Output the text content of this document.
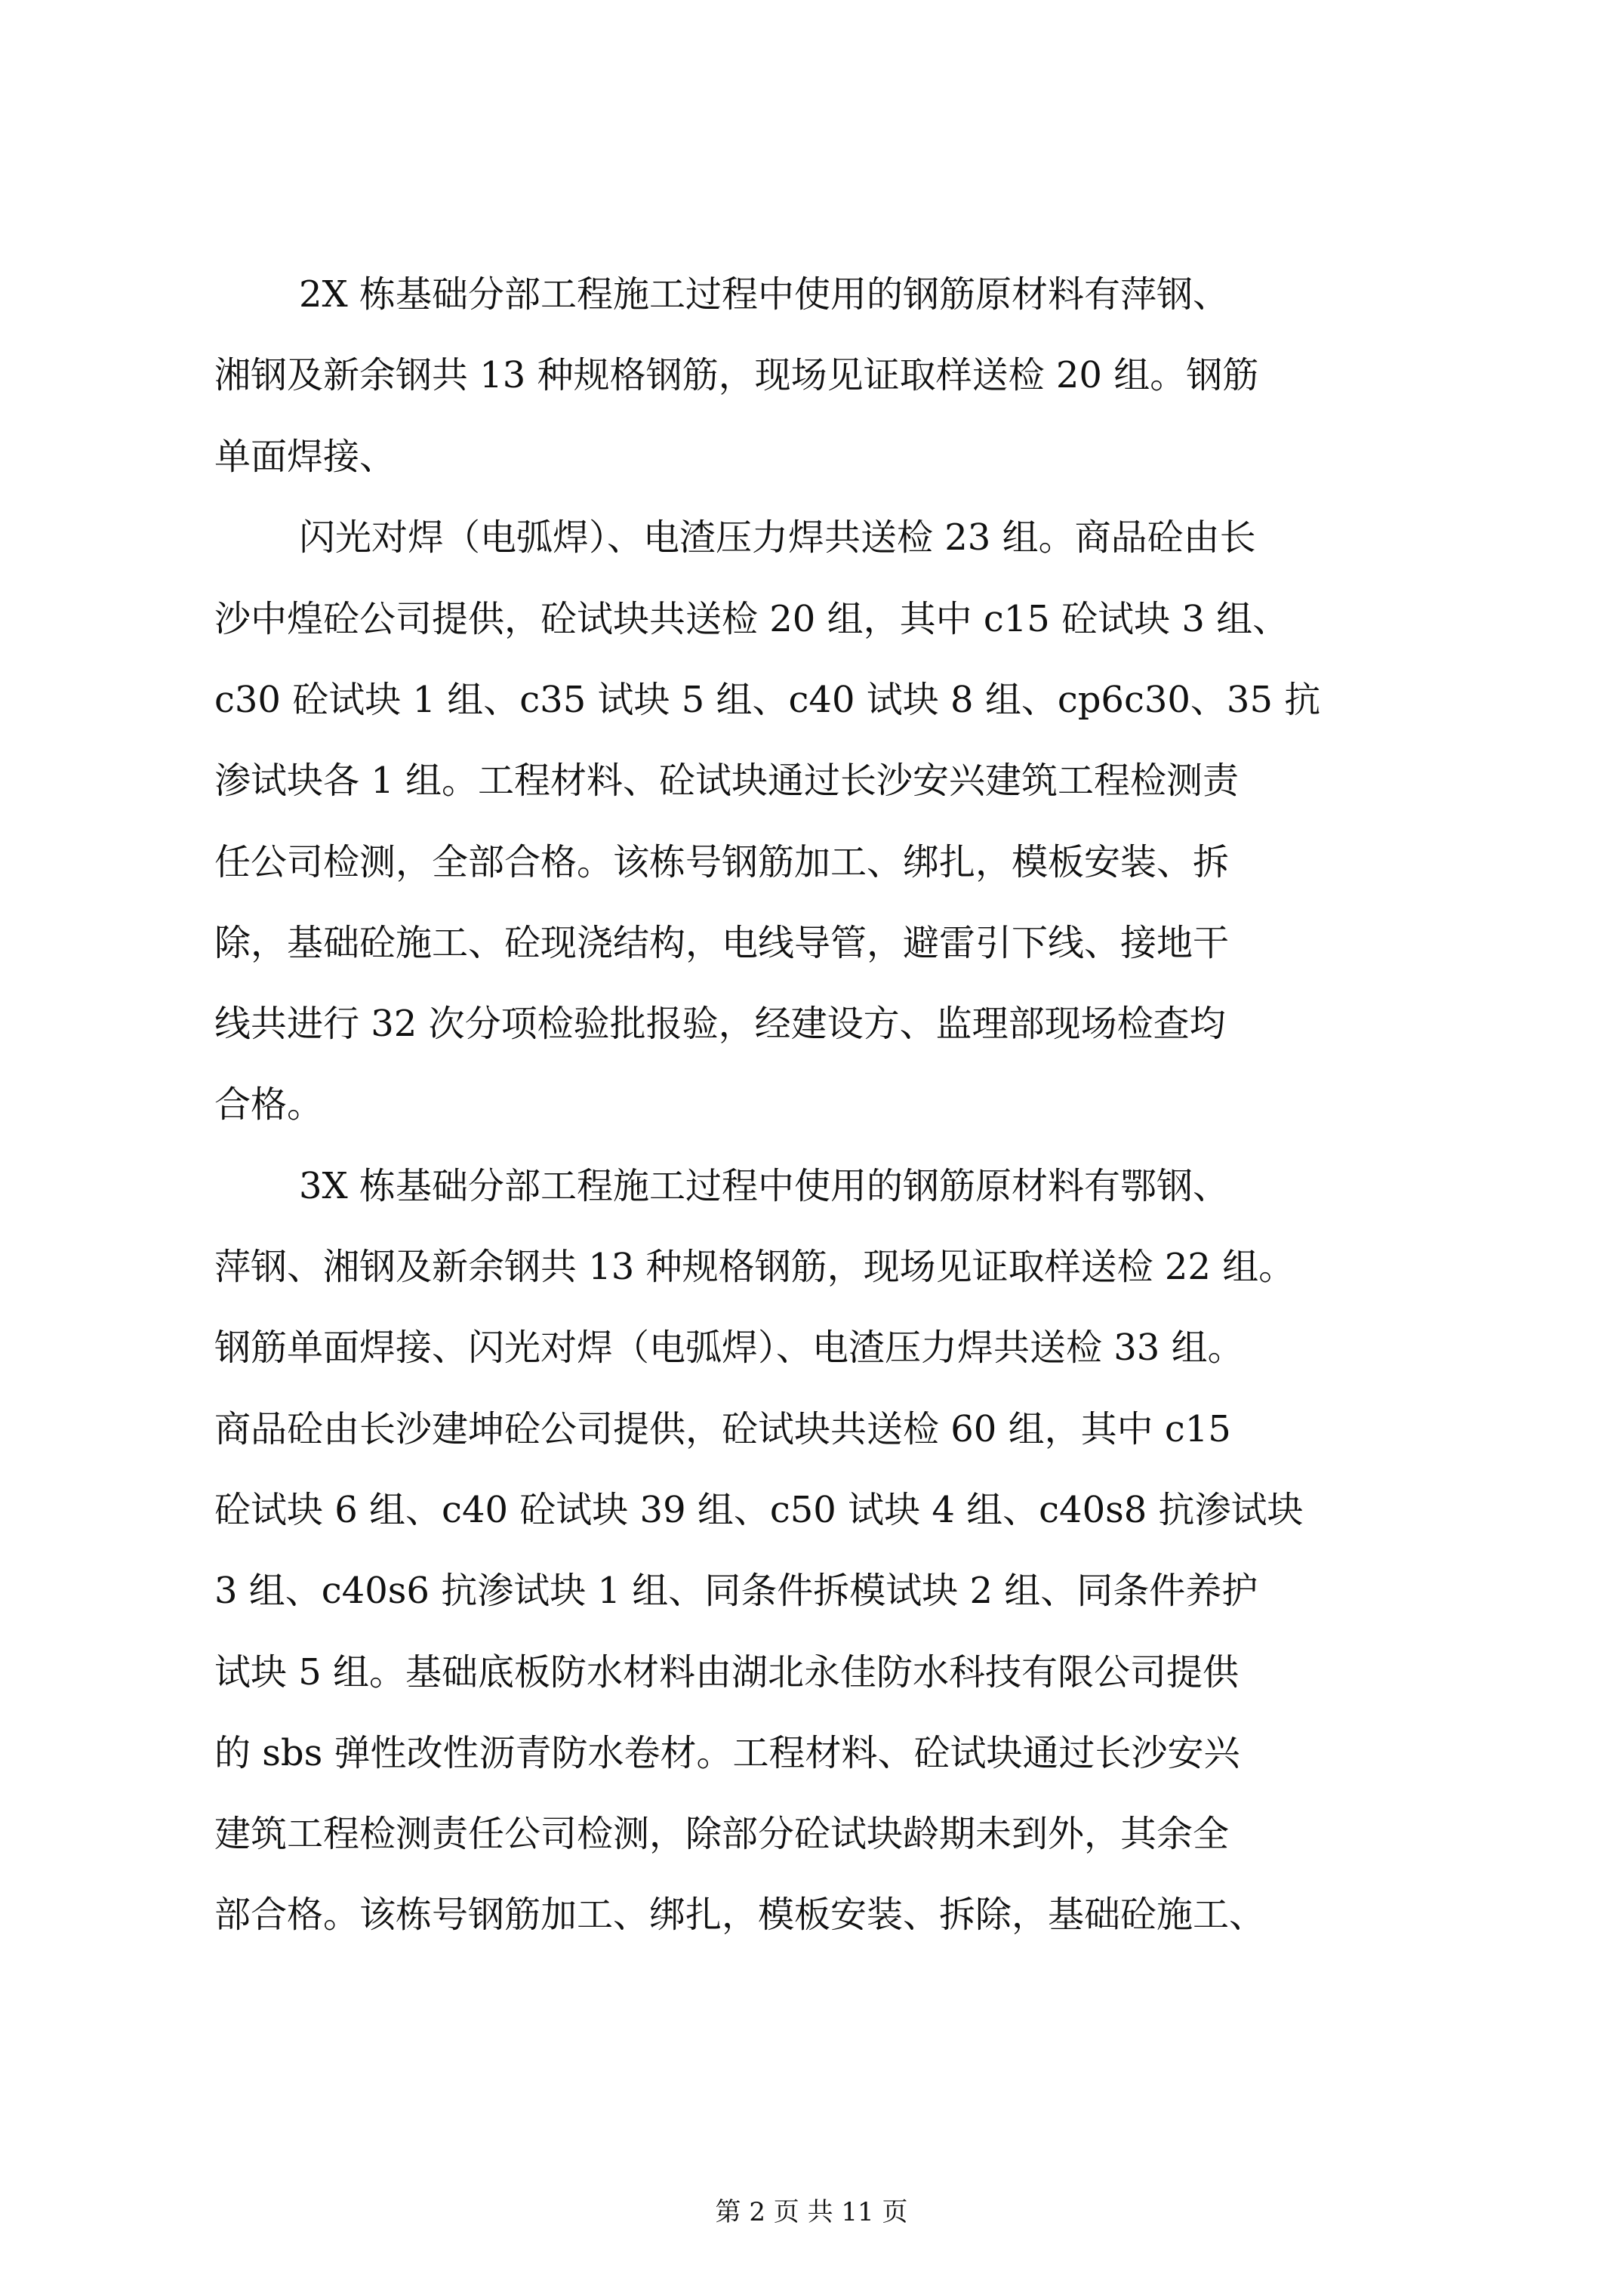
2X 栋基础分部工程施工过程中使用的钢筋原材料有萍钢、
湘钢及新余钢共 13 种规格钢筋，现场见证取样送检 20 组。钢筋
单面焊接、
闪光对焊（电弧焊）、电渣压力焊共送检 23 组。商品砼由长
沙中煌砼公司提供，砼试块共送检 20 组，其中 c15 砼试块 3 组、
c30 砼试块 1 组、c35 试块 5 组、c40 试块 8 组、cp6c30、35 抗
渗试块各 1 组。工程材料、砼试块通过长沙安兴建筑工程检测责
任公司检测，全部合格。该栋号钢筋加工、绑扎，模板安装、拆
除，基础砼施工、砼现浇结构，电线导管，避雷引下线、接地干
线共进行 32 次分项检验批报验，经建设方、监理部现场检查均
合格。
3X 栋基础分部工程施工过程中使用的钢筋原材料有鄂钢、
萍钢、湘钢及新余钢共 13 种规格钢筋，现场见证取样送检 22 组。
钢筋单面焊接、闪光对焊（电弧焊）、电渣压力焊共送检 33 组。
商品砼由长沙建坤砼公司提供，砼试块共送检 60 组，其中 c15
砼试块 6 组、c40 砼试块 39 组、c50 试块 4 组、c40s8 抗渗试块
3 组、c40s6 抗渗试块 1 组、同条件拆模试块 2 组、同条件养护
试块 5 组。基础底板防水材料由湖北永佳防水科技有限公司提供
的 sbs 弹性改性沥青防水卷材。工程材料、砼试块通过长沙安兴
建筑工程检测责任公司检测，除部分砼试块龄期未到外，其余全
部合格。该栋号钢筋加工、绑扎，模板安装、拆除，基础砼施工、
第 2 页 共 11 页
